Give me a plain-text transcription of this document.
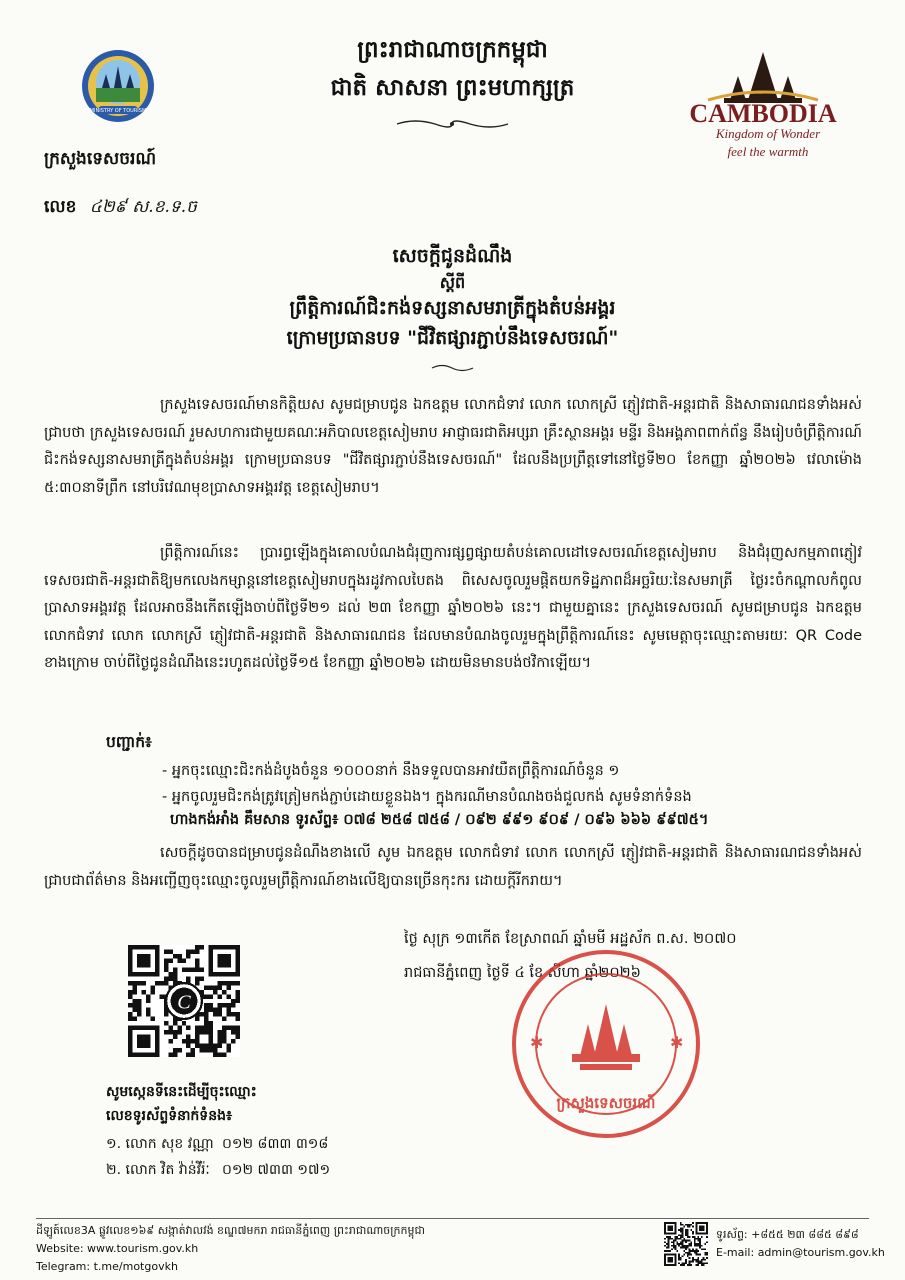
MINISTRY OF TOURISM
ព្រះរាជាណាចក្រកម្ពុជា
ជាតិ សាសនា ព្រះមហាក្សត្រ
CAMBODIA
Kingdom of Wonder
feel the warmth
ក្រសួងទេសចរណ៍
លេខ ៤២៩ ស.ខ.ទ.ច
សេចក្ដីជូនដំណឹង
ស្ដីពី
ព្រឹត្តិការណ៍ជិះកង់ទស្សនាសមរាត្រីក្នុងតំបន់អង្គរ
ក្រោមប្រធានបទ "ជីវិតផ្សារភ្ជាប់នឹងទេសចរណ៍"
ក្រសួងទេសចរណ៍មានកិត្តិយស សូមជម្រាបជូន ឯកឧត្តម លោកជំទាវ លោក លោកស្រី ភ្ញៀវជាតិ-អន្តរជាតិ និងសាធារណជនទាំងអស់ ជ្រាបថា ក្រសួងទេសចរណ៍ រួមសហការជាមួយគណៈអភិបាលខេត្តសៀមរាប អាជ្ញាធរជាតិអប្សរា គ្រឹះស្ថានអង្គរ មន្ទីរ និងអង្គភាពពាក់ព័ន្ធ នឹងរៀបចំព្រឹត្តិការណ៍ជិះកង់ទស្សនាសមរាត្រីក្នុងតំបន់អង្គរ ក្រោមប្រធានបទ "ជីវិតផ្សារភ្ជាប់នឹងទេសចរណ៍" ដែលនឹងប្រព្រឹត្តទៅនៅថ្ងៃទី២០ ខែកញ្ញា ឆ្នាំ២០២៦ វេលាម៉ោង ៥:៣០នាទីព្រឹក នៅបរិវេណមុខប្រាសាទអង្គរវត្ត ខេត្តសៀមរាប។
ព្រឹត្តិការណ៍នេះ ប្រារព្ធឡើងក្នុងគោលបំណងជំរុញការផ្សព្វផ្សាយតំបន់គោលដៅទេសចរណ៍ខេត្តសៀមរាប និងជំរុញសកម្មភាពភ្ញៀវទេសចរជាតិ-អន្តរជាតិឱ្យមកលេងកម្សាន្តនៅខេត្តសៀមរាបក្នុងរដូវកាលបៃតង ពិសេសចូលរួមផ្ដិតយកទិដ្ឋភាពដ៏អច្ឆរិយៈនៃសមរាត្រី ថ្ងៃរះចំកណ្ដាលកំពូលប្រាសាទអង្គរវត្ត ដែលអាចនឹងកើតឡើងចាប់ពីថ្ងៃទី២១ ដល់ ២៣ ខែកញ្ញា ឆ្នាំ២០២៦ នេះ។ ជាមួយគ្នានេះ ក្រសួងទេសចរណ៍ សូមជម្រាបជូន ឯកឧត្តម លោកជំទាវ លោក លោកស្រី ភ្ញៀវជាតិ-អន្តរជាតិ និងសាធារណជន ដែលមានបំណងចូលរួមក្នុងព្រឹត្តិការណ៍នេះ សូមមេត្តាចុះឈ្មោះតាមរយៈ QR Code ខាងក្រោម ចាប់ពីថ្ងៃជូនដំណឹងនេះរហូតដល់ថ្ងៃទី១៥ ខែកញ្ញា ឆ្នាំ២០២៦ ដោយមិនមានបង់ថវិកាឡើយ។
បញ្ជាក់៖
- អ្នកចុះឈ្មោះជិះកង់ដំបូងចំនួន ១០០០នាក់ នឹងទទួលបានអាវយឺតព្រឹត្តិការណ៍ចំនួន ១
- អ្នកចូលរួមជិះកង់ត្រូវត្រៀមកង់ភ្ជាប់ដោយខ្លួនឯង។ ក្នុងករណីមានបំណងចង់ជួលកង់ សូមទំនាក់ទំនង
ហាងកង់អាំង គឹមសាន ទូរស័ព្ទ៖ ០៧៨ ២៥៨ ៧៥៨ / ០៩២ ៩៩១ ៩០៩ / ០៩៦ ៦៦៦ ៩៩៧៥។
សេចក្ដីដូចបានជម្រាបជូនដំណឹងខាងលើ សូម ឯកឧត្តម លោកជំទាវ លោក លោកស្រី ភ្ញៀវជាតិ-អន្តរជាតិ និងសាធារណជនទាំងអស់ ជ្រាបជាព័ត៌មាន និងអញ្ជើញចុះឈ្មោះចូលរួមព្រឹត្តិការណ៍ខាងលើឱ្យបានច្រើនកុះករ ដោយក្ដីរីករាយ។
ថ្ងៃ សុក្រ ១៣កើត ខែស្រាពណ៍ ឆ្នាំមមី អដ្ឋស័ក ព.ស. ២០៧០
រាជធានីភ្នំពេញ ថ្ងៃទី ៤ ខែ សីហា ឆ្នាំ២០២៦
✱	✱
ក្រសួងទេសចរណ៍
C
សូមស្កេនទីនេះដើម្បីចុះឈ្មោះ
លេខទូរស័ព្ទទំនាក់ទំនង៖
១. លោក សុខ វណ្ណា ០១២ ៨៣៣ ៣១៨
២. លោក វិត វ៉ាន់វីរ៉ៈ ០១២ ៧៣៣ ១៧១
ដីឡូត៍លេខ3A ផ្លូវលេខ១៦៩ សង្កាត់វាលវង់ ខណ្ឌ៧មករា រាជធានីភ្នំពេញ ព្រះរាជាណាចក្រកម្ពុជា
Website: www.tourism.gov.kh
Telegram: t.me/motgovkh
ទូរស័ព្ទ: +៨៥៥ ២៣ ៨៨៥ ៨៩៨
E-mail: admin@tourism.gov.kh
